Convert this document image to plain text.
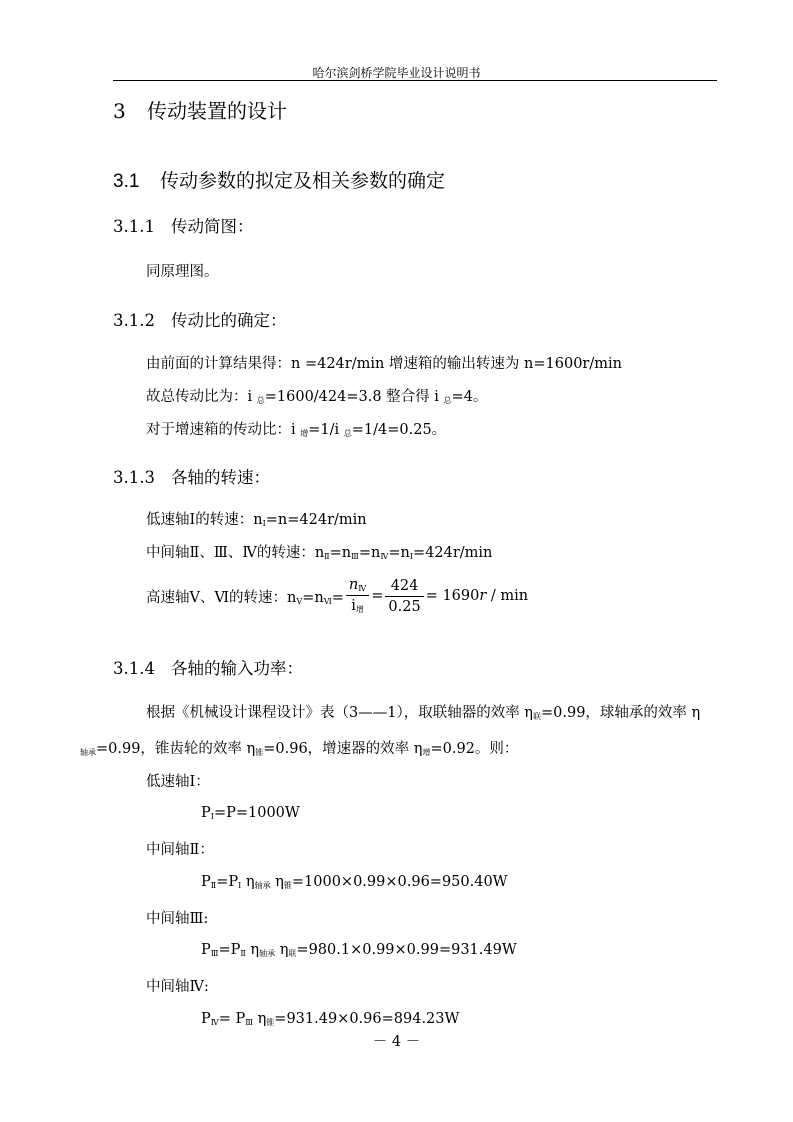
哈尔滨剑桥学院毕业设计说明书
3 传动装置的设计
3.1 传动参数的拟定及相关参数的确定
3.1.1 传动简图：
同原理图。
3.1.2 传动比的确定：
由前面的计算结果得：n =424r/min 增速箱的输出转速为 n=1600r/min
故总传动比为：i $_总$=1600/424=3.8 整合得 i $_总$=4。
对于增速箱的传动比：i $_增$=1/i $_总$=1/4=0.25。
3.1.3 各轴的转速：
低速轴Ⅰ的转速：$n_Ⅰ=n=424r/\min$
中间轴Ⅱ、Ⅲ、Ⅳ的转速：$n_Ⅱ=n_Ⅲ=n_Ⅳ=n_Ⅰ=424r/\min$
高速轴Ⅴ、Ⅵ的转速：$n_Ⅴ=n_Ⅵ= \frac{n_Ⅳ}{i_增} = \frac{424}{0.25} = 1690r / \min$
3.1.4 各轴的输入功率：
根据《机械设计课程设计》表（3——1），取联轴器的效率 $\eta_联=0.99$，球轴承的效率 η
$_{轴承}$=0.99，锥齿轮的效率 $\eta_锥=0.96$，增速器的效率 $\eta_增=0.92$。则：
低速轴Ⅰ：
$P_Ⅰ=P=1000W$
中间轴Ⅱ：
$P_Ⅱ=P_Ⅰ$ $\eta_{轴承}$ $\eta_锥=1000\times 0.99\times 0.96=950.40W$
中间轴Ⅲ:
$P_Ⅲ=P_Ⅱ$ $\eta_{轴承}$ $\eta_联=980.1\times 0.99\times 0.99=931.49W$
中间轴Ⅳ:
$P_Ⅳ= P_Ⅲ$ $\eta_锥=931.49\times 0.96=894.23W$
－ 4 －
